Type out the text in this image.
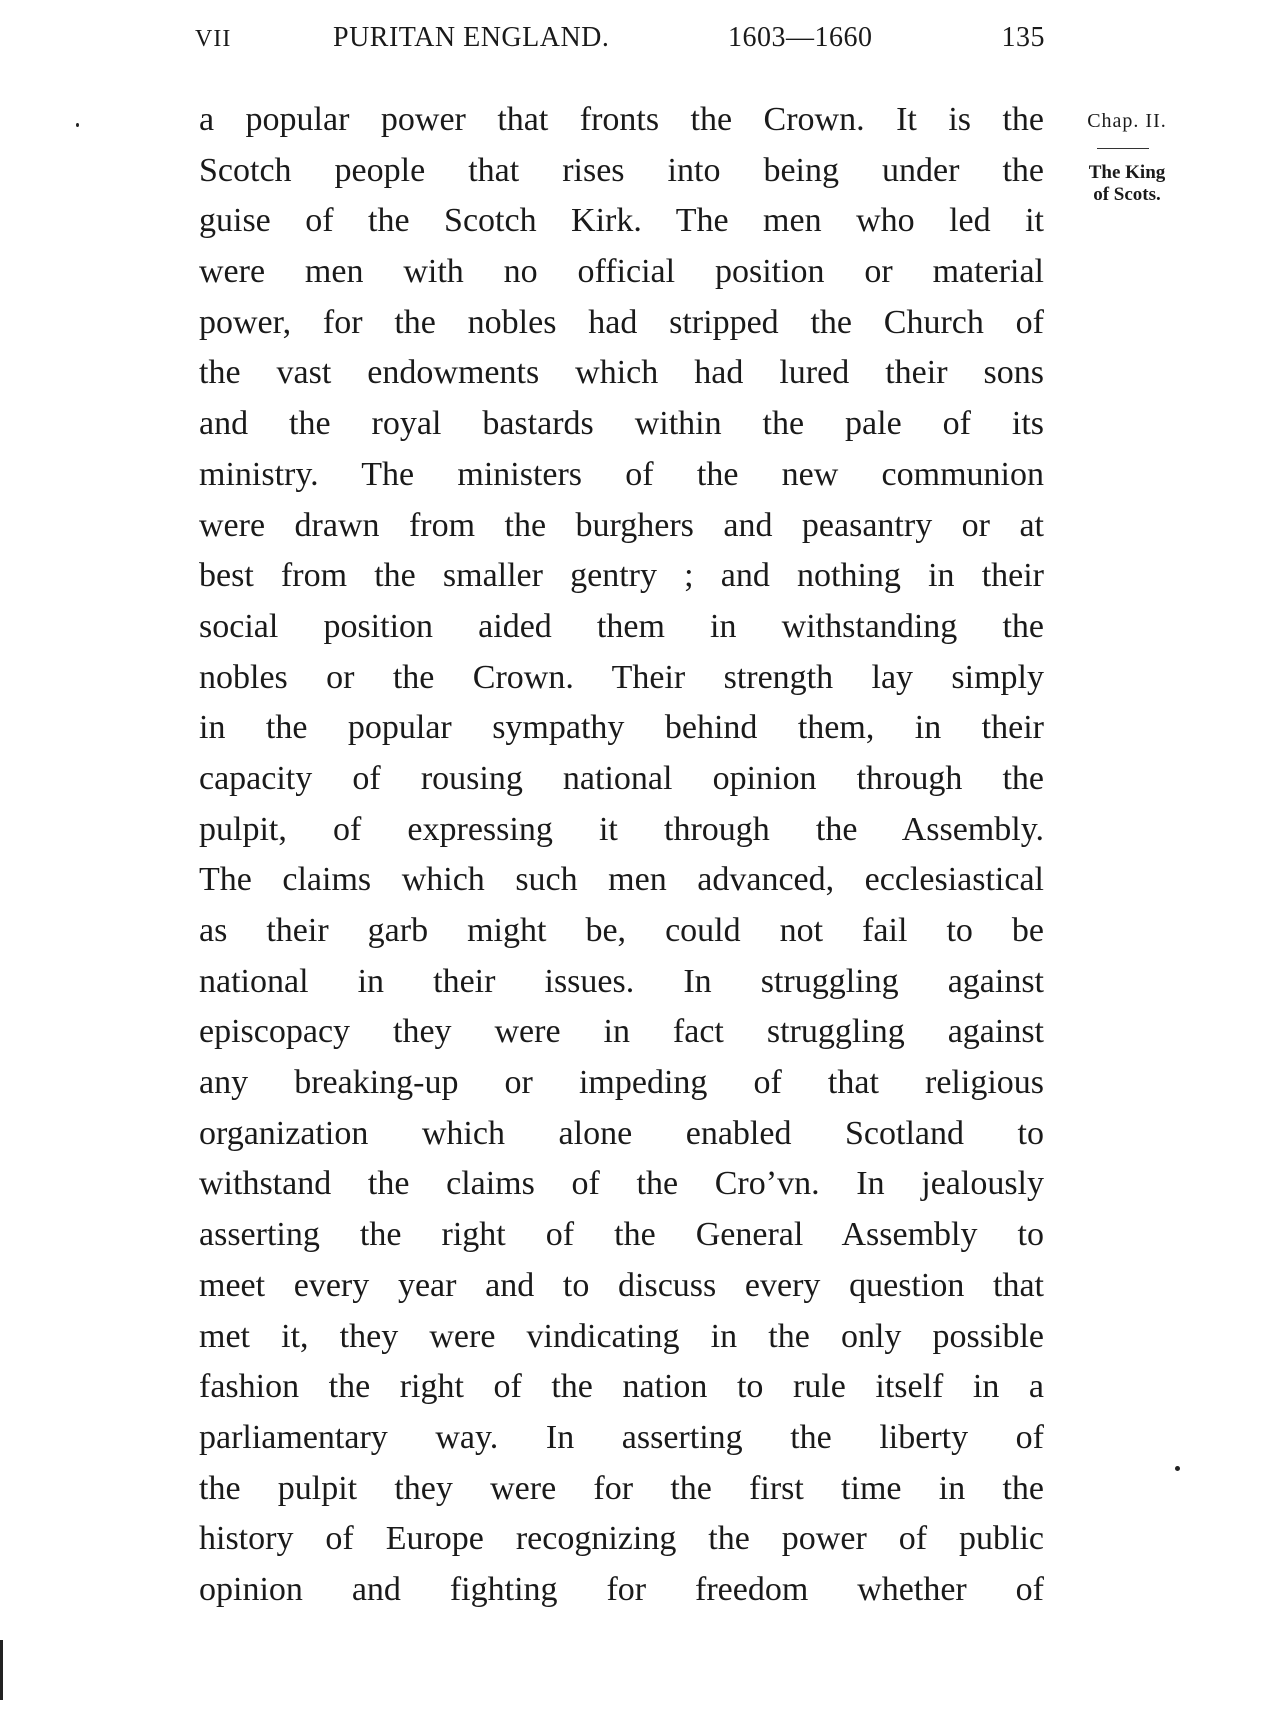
VII	PURITAN ENGLAND.	1603—1660	135
a popular power that fronts the Crown. It is the
Scotch people that rises into being under the
guise of the Scotch Kirk. The men who led it
were men with no official position or material
power, for the nobles had stripped the Church of
the vast endowments which had lured their sons
and the royal bastards within the pale of its
ministry. The ministers of the new communion
were drawn from the burghers and peasantry or at
best from the smaller gentry ; and nothing in their
social position aided them in withstanding the
nobles or the Crown. Their strength lay simply
in the popular sympathy behind them, in their
capacity of rousing national opinion through the
pulpit, of expressing it through the Assembly.
The claims which such men advanced, ecclesiastical
as their garb might be, could not fail to be
national in their issues. In struggling against
episcopacy they were in fact struggling against
any breaking-up or impeding of that religious
organization which alone enabled Scotland to
withstand the claims of the Croʼvn. In jealously
asserting the right of the General Assembly to
meet every year and to discuss every question that
met it, they were vindicating in the only possible
fashion the right of the nation to rule itself in a
parliamentary way. In asserting the liberty of
the pulpit they were for the first time in the
history of Europe recognizing the power of public
opinion and fighting for freedom whether of
Chap. II.
The King
of Scots.
